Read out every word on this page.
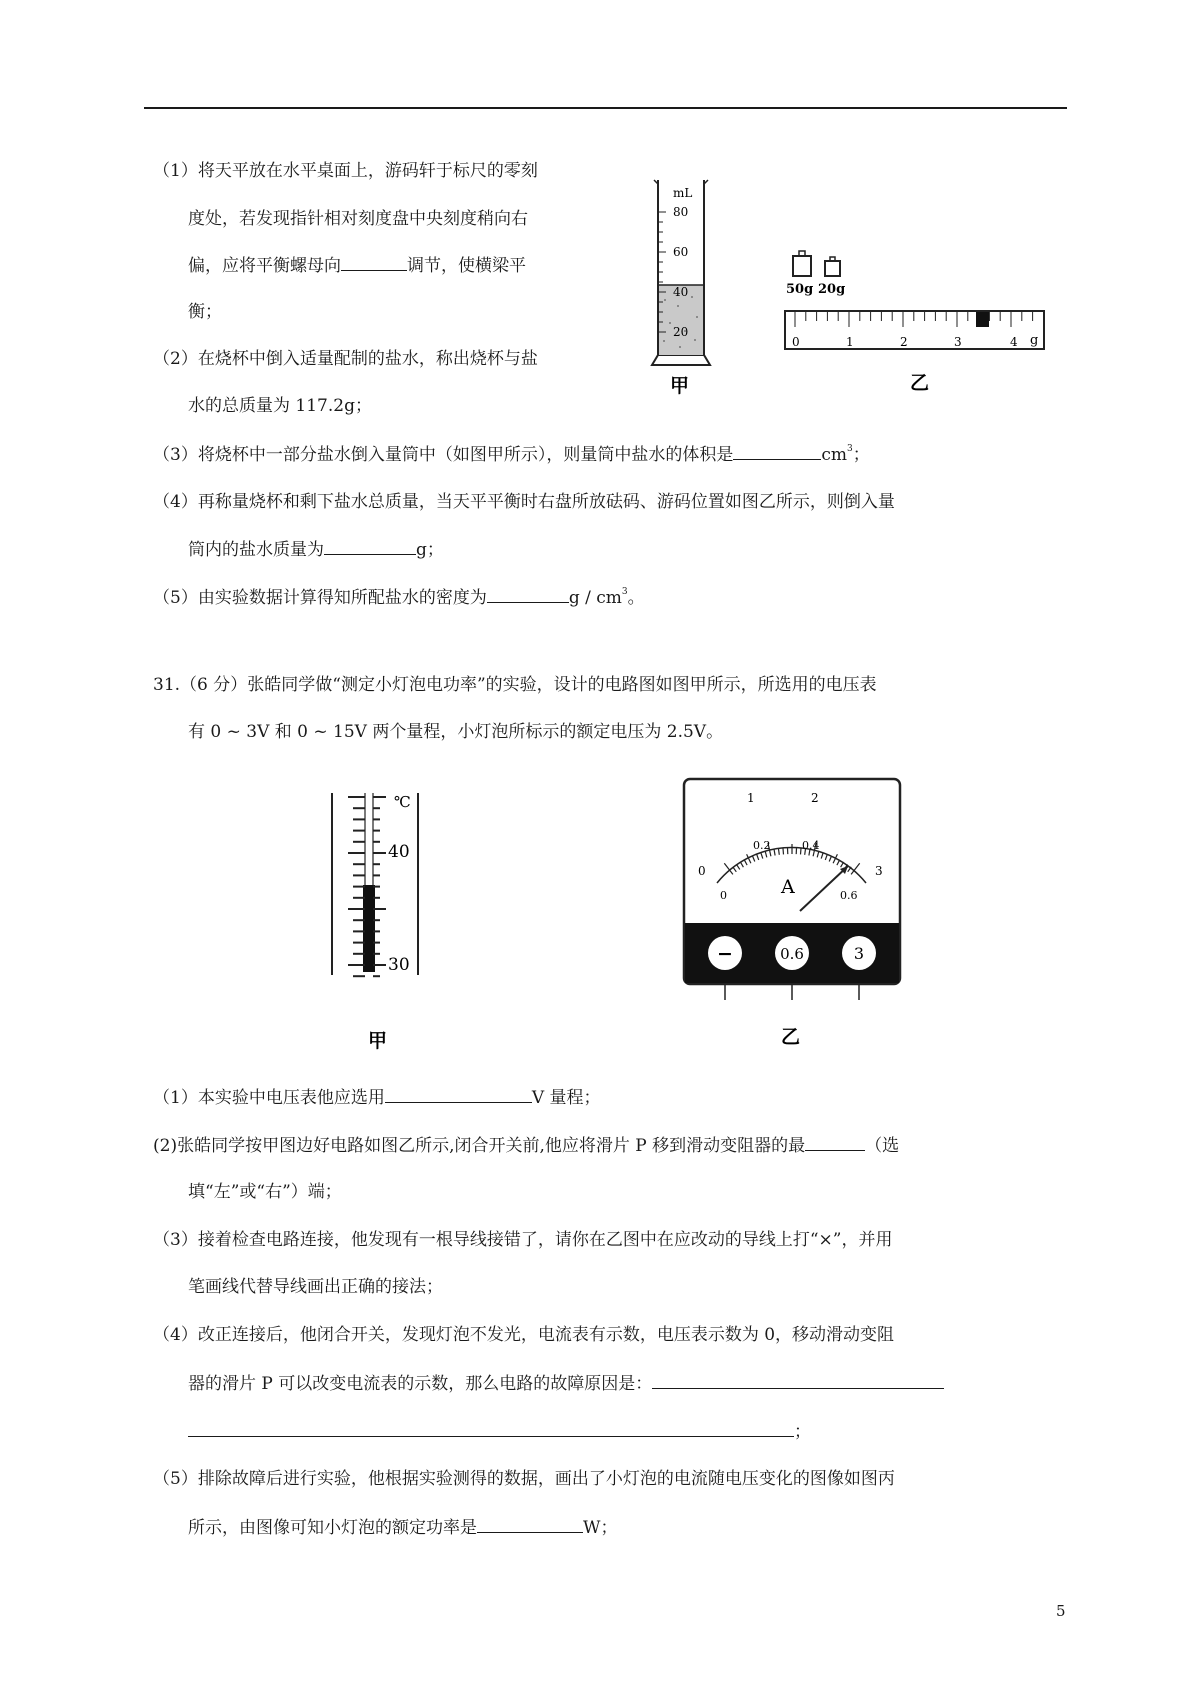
（1）将天平放在水平桌面上，游码轩于标尺的零刻
度处，若发现指针相对刻度盘中央刻度稍向右
偏，应将平衡螺母向	调节，使横梁平
衡；
（2）在烧杯中倒入适量配制的盐水，称出烧杯与盐
水的总质量为 117.2g；
（3）将烧杯中一部分盐水倒入量筒中（如图甲所示），则量筒中盐水的体积是	$cm^3$；
（4）再称量烧杯和剩下盐水总质量，当天平平衡时右盘所放砝码、游码位置如图乙所示，则倒入量
筒内的盐水质量为	g；
（5）由实验数据计算得知所配盐水的密度为	g / $cm^3$。
mL
80
60
40
20
甲
50g 20g
0	1	2	3	4 g
乙
31.（6 分）张皓同学做“测定小灯泡电功率”的实验，设计的电路图如图甲所示，所选用的电压表
有 0 ~ 3V 和 0 ~ 15V 两个量程，小灯泡所标示的额定电压为 2.5V。
℃
40
30
甲
0
1	2
3
0
0.2	0.4
0.6
A
−	0.6	3
乙
（1）本实验中电压表他应选用	V 量程；
(2)张皓同学按甲图边好电路如图乙所示,闭合开关前,他应将滑片 P 移到滑动变阻器的最	（选
填“左”或“右”）端；
（3）接着检查电路连接，他发现有一根导线接错了，请你在乙图中在应改动的导线上打“×”，并用
笔画线代替导线画出正确的接法；
（4）改正连接后，他闭合开关，发现灯泡不发光，电流表有示数，电压表示数为 0，移动滑动变阻
器的滑片 P 可以改变电流表的示数，那么电路的故障原因是：
；
（5）排除故障后进行实验，他根据实验测得的数据，画出了小灯泡的电流随电压变化的图像如图丙
所示，由图像可知小灯泡的额定功率是	W；
5
